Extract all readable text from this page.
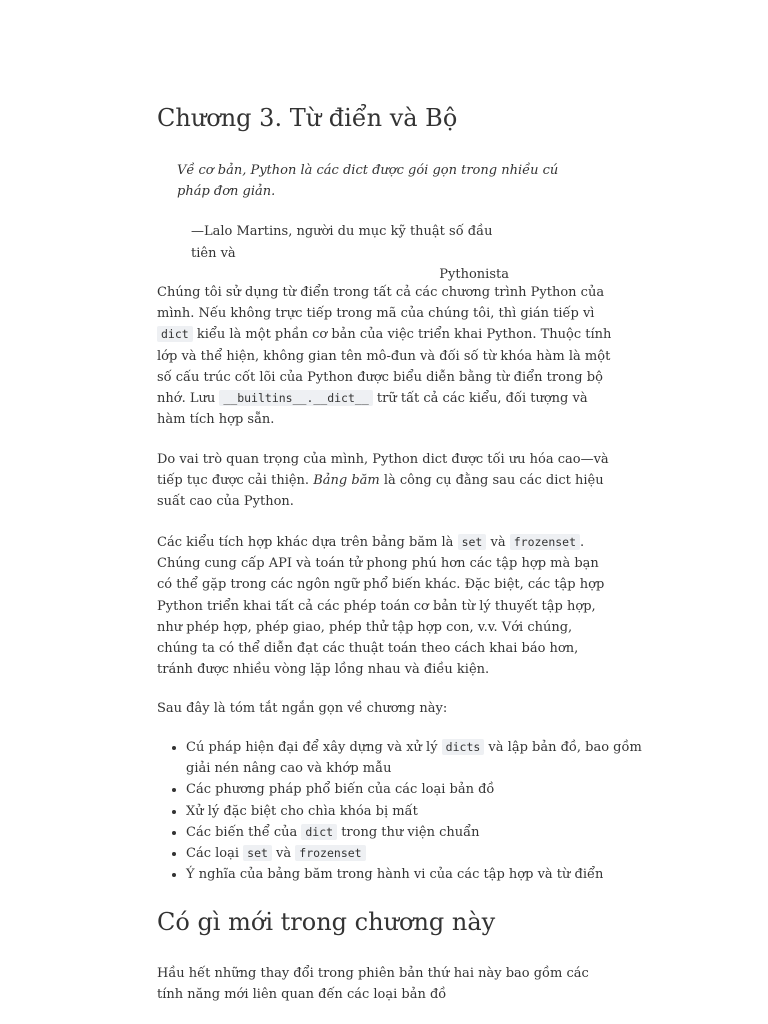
Chương 3. Từ điển và Bộ
Về cơ bản, Python là các dict được gói gọn trong nhiều cú pháp đơn giản.
—Lalo Martins, người du mục kỹ thuật số đầu tiên và
Pythonista

Chúng tôi sử dụng từ điển trong tất cả các chương trình Python của mình. Nếu không trực tiếp trong mã của chúng tôi, thì gián tiếp vì dict kiểu là một phần cơ bản của việc triển khai Python. Thuộc tính lớp và thể hiện, không gian tên mô-đun và đối số từ khóa hàm là một số cấu trúc cốt lõi của Python được biểu diễn bằng từ điển trong bộ nhớ. Lưu __builtins__.__dict__ trữ tất cả các kiểu, đối tượng và hàm tích hợp sẵn.

Do vai trò quan trọng của mình, Python dict được tối ưu hóa cao—và tiếp tục được cải thiện. Bảng băm là công cụ đằng sau các dict hiệu suất cao của Python.

Các kiểu tích hợp khác dựa trên bảng băm là set và frozenset . Chúng cung cấp API và toán tử phong phú hơn các tập hợp mà bạn có thể gặp trong các ngôn ngữ phổ biến khác. Đặc biệt, các tập hợp Python triển khai tất cả các phép toán cơ bản từ lý thuyết tập hợp, như phép hợp, phép giao, phép thử tập hợp con, v.v. Với chúng, chúng ta có thể diễn đạt các thuật toán theo cách khai báo hơn, tránh được nhiều vòng lặp lồng nhau và điều kiện.

Sau đây là tóm tắt ngắn gọn về chương này:

• Cú pháp hiện đại để xây dựng và xử lý dicts và lập bản đồ, bao gồm giải nén nâng cao và khớp mẫu
• Các phương pháp phổ biến của các loại bản đồ
• Xử lý đặc biệt cho chìa khóa bị mất
• Các biến thể của dict trong thư viện chuẩn
• Các loại set và frozenset
• Ý nghĩa của bảng băm trong hành vi của các tập hợp và từ điển
Có gì mới trong chương này

Hầu hết những thay đổi trong phiên bản thứ hai này bao gồm các tính năng mới liên quan đến các loại bản đồ
